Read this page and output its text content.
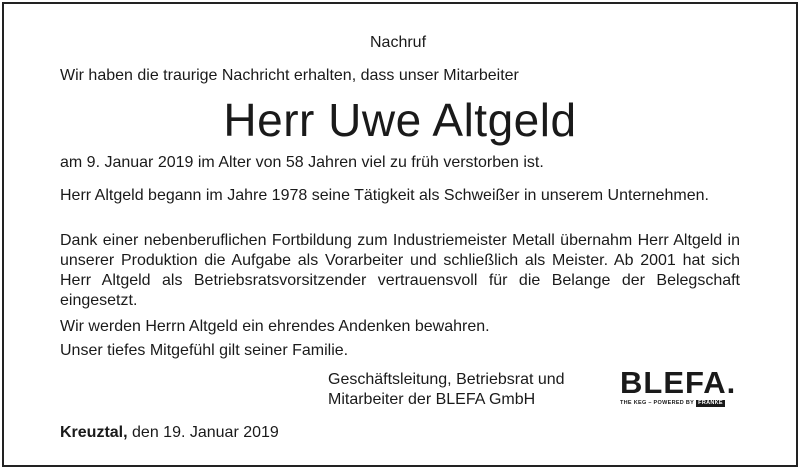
Nachruf
Wir haben die traurige Nachricht erhalten, dass unser Mitarbeiter
Herr Uwe Altgeld
am 9. Januar 2019 im Alter von 58 Jahren viel zu früh verstorben ist.
Herr Altgeld begann im Jahre 1978 seine Tätigkeit als Schweißer in unserem Unternehmen.
Dank einer nebenberuflichen Fortbildung zum Industriemeister Metall übernahm Herr Altgeld in unserer Produktion die Aufgabe als Vorarbeiter und schließlich als Meister. Ab 2001 hat sich Herr Altgeld als Betriebsratsvorsitzender vertrauensvoll für die Belange der Belegschaft eingesetzt.
Wir werden Herrn Altgeld ein ehrendes Andenken bewahren.
Unser tiefes Mitgefühl gilt seiner Familie.
Geschäftsleitung, Betriebsrat und
Mitarbeiter der BLEFA GmbH	BLEFA.
THE KEG – POWERED BY FRANKE
Kreuztal, den 19. Januar 2019
